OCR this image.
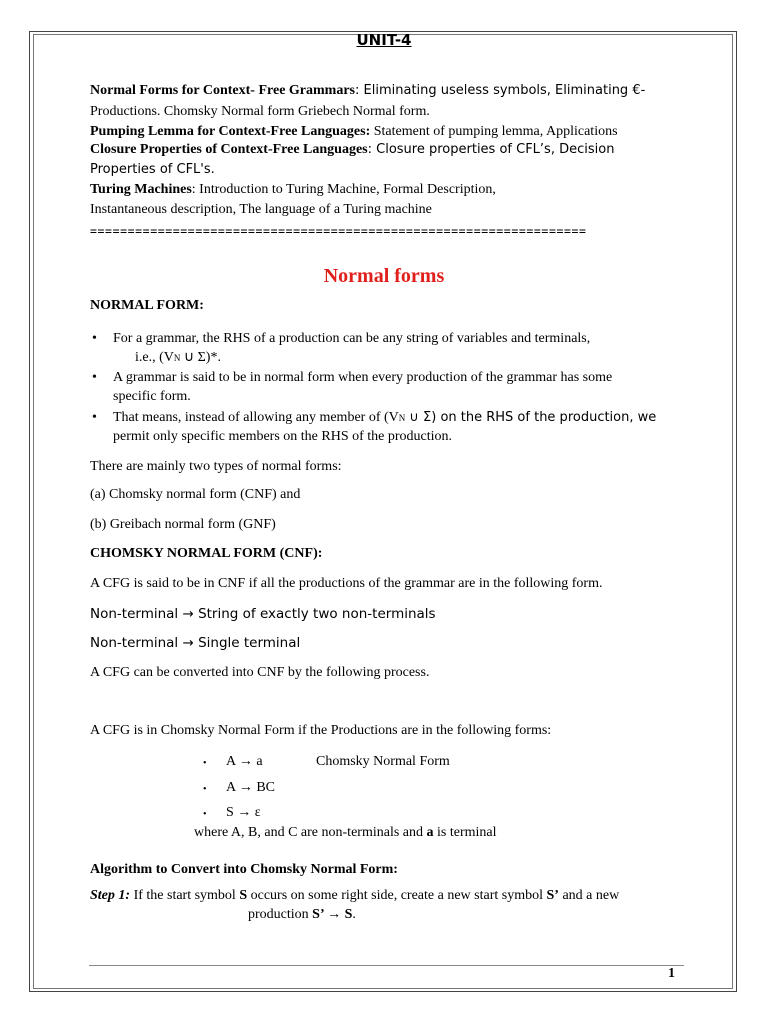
UNIT-4
Normal Forms for Context- Free Grammars: Eliminating useless symbols, Eliminating €-
Productions. Chomsky Normal form Griebech Normal form.
Pumping Lemma for Context-Free Languages: Statement of pumping lemma, Applications
Closure Properties of Context-Free Languages: Closure properties of CFL’s, Decision
Properties of CFL's.
Turing Machines: Introduction to Turing Machine, Formal Description,
Instantaneous description, The language of a Turing machine
==================================================================
Normal forms
NORMAL FORM:
• For a grammar, the RHS of a production can be any string of variables and terminals,
i.e., (VN ∪ Σ)*.
• A grammar is said to be in normal form when every production of the grammar has some
specific form.
• That means, instead of allowing any member of (VN ∪ Σ) on the RHS of the production, we
permit only specific members on the RHS of the production.
There are mainly two types of normal forms:
(a) Chomsky normal form (CNF) and
(b) Greibach normal form (GNF)
CHOMSKY NORMAL FORM (CNF):
A CFG is said to be in CNF if all the productions of the grammar are in the following form.
Non-terminal → String of exactly two non-terminals
Non-terminal → Single terminal
A CFG can be converted into CNF by the following process.
A CFG is in Chomsky Normal Form if the Productions are in the following forms:
• A → a	Chomsky Normal Form
• A → BC
• S → ε
where A, B, and C are non-terminals and a is terminal
Algorithm to Convert into Chomsky Normal Form:
Step 1: If the start symbol S occurs on some right side, create a new start symbol S’ and a new
production S’ → S.
1
